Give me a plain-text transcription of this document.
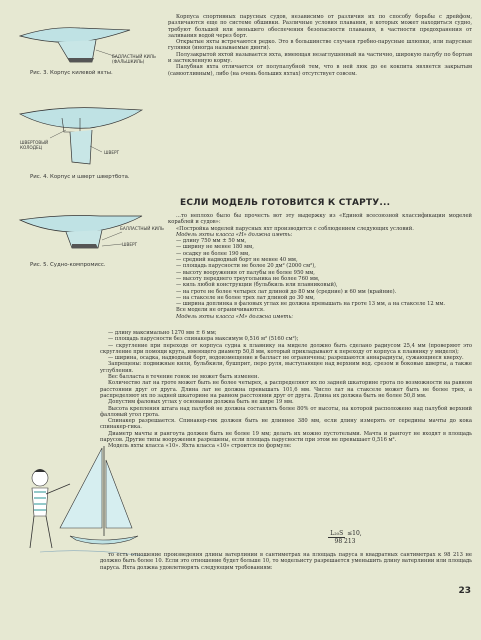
БАЛЛАСТНЫЙ КИЛЬ (ФАЛЬШКИЛЬ)
Рис. 3. Корпус килевой яхты.
ШВЕРТОВЫЙ КОЛОДЕЦ
ШВЕРТ
Рис. 4. Корпус и шверт швертбота.
БАЛЛАСТНЫЙ КИЛЬ
ШВЕРТ
Рис. 5. Судно-компромисс.

Корпуса спортивных парусных судов, независимо от различия их по способу борьбы с дрейфом, различаются еще по системе обшивки. Различные условия плавания, в которых может находиться судно, требуют большей или меньшего обеспечения безопасности плавания, в частности предохранения от заливания водой через борт.

Открытые яхты встречаются редко. Это в большинстве случаев гребно-парусные шлюпки, или парусные гулянки (иногда называемые динги).

Полузакрытой яхтой называется яхта, имеющая незаглушенный на частично, широкую палубу по бортам и застекленную корму.

Палубная яхта отличается от полупалубной тем, что в ней люк до ее кокпита является закрытым (самоотливным), либо (на очень больших яхтах) отсутствует совсем.

ЕСЛИ МОДЕЛЬ ГОТОВИТСЯ К СТАРТУ...

...то неплохо было бы прочесть вот эту выдержку из «Единой всесоюзной классификации моделей кораблей и судов»:

«Постройка моделей парусных яхт производится с соблюдением следующих условий.

Модель яхты класса «Н» должна иметь:

— длину 750 мм ± 50 мм,

— ширину не менее 180 мм,

— осадку не более 190 мм,

— средний надводный борт не менее 40 мм,

— площадь парусности не более 20 дм² (2000 см²),

— высоту вооружения от палубы не более 950 мм,

— высоту переднего треугольника не более 760 мм,

— киль любой конструкции (бульбкиль или плавниковый),

— на гроте не более четырех лат длиной до 80 мм (средние) и 60 мм (крайние).

— на стакселе не более трех лат длиной до 30 мм,

— ширина доплинка в фаловых углах не должна превышать на гроте 13 мм, а на стакселе 12 мм.

Все модели не ограничиваются.

Модель яхты класса «М» должна иметь:

— длину максимально 1270 мм ± 6 мм;

— площадь парусности без спинакера максимум 0,516 м² (5160 см²);

— скругление при переходе от корпуса судна к плавнику на миделе должно быть сделано радиусом 25,4 мм (проверяют это скругление при помощи круга, имеющего диаметр 50,8 мм, который прикладывают к переходу от корпуса к плавнику у миделя);

— ширина, осадка, надводный борт, водоизмещение и балласт не ограничены; разрешаются аннарадиусы, сужающиеся кверху.

Запрещены: подвижные кили, бульбкили, бушприт, перо руля, выступающее над верхним вод. срезом и боковые шверты, а также углубления.

Вес балласта в течение гонок не может быть изменен.

Количество лат на гроте может быть не более четырех, а распределяют их по задней шкаторине грота по возможности на равном расстоянии друг от друга. Длина лат не должна превышать 101,6 мм. Число лат на стакселе может быть не более трех, а распределяют их по задней шкаторине на равном расстоянии друг от друга. Длина их должна быть не более 50,8 мм.

Допустим фаловых углах у основании должна быть не шире 19 мм.

Высота крепления штага над палубой не должна составлять более 80% от высоты, на которой расположено над палубой верхний фалловый угол грота.

Спинакер разрешается. Спинакер-гик должен быть не длиннее 380 мм, если длину измерять от середины мачты до кока спинакер-гика.

Диаметр мачты и рангоута должен быть не более 19 мм; делать их можно пустотелыми. Мачта и рангоут не входят в площадь парусов. Другие типы вооружения разрешены, если площадь парусности при этом не превышает 0,516 м².

Модель яхты класса «10». Яхта класса «10» строится по формуле:

L₂₀S ≤10,
98 213

то есть отношение произведения длины ватерлинии в сантиметрах на площадь паруса в квадратных сантиметрах к 98 213 не должно быть более 10. Если это отношение будет больше 10, то модельисту разрешается уменьшить длину ватерлинии или площадь паруса. Яхта должна удовлетворять следующим требованиям:

23
